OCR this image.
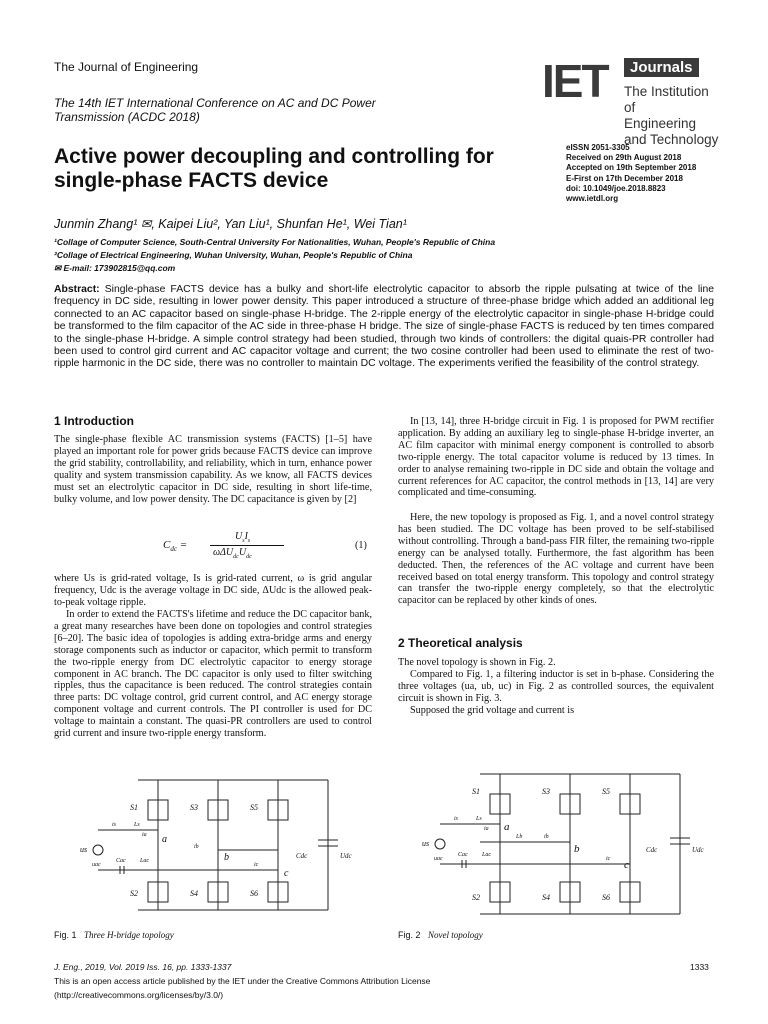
The Journal of Engineering
The 14th IET International Conference on AC and DC Power
Transmission (ACDC 2018)
IET	Journals
The Institution of
Engineering and Technology
Active power decoupling and controlling for
single-phase FACTS device
eISSN 2051-3305
Received on 29th August 2018
Accepted on 19th September 2018
E-First on 17th December 2018
doi: 10.1049/joe.2018.8823
www.ietdl.org
Junmin Zhang¹ ✉, Kaipei Liu², Yan Liu¹, Shunfan He¹, Wei Tian¹
¹Collage of Computer Science, South-Central University For Nationalities, Wuhan, People's Republic of China
²Collage of Electrical Engineering, Wuhan University, Wuhan, People's Republic of China
✉ E-mail: 173902815@qq.com
Abstract: Single-phase FACTS device has a bulky and short-life electrolytic capacitor to absorb the ripple pulsating at twice of the line frequency in DC side, resulting in lower power density. This paper introduced a structure of three-phase bridge which added an additional leg connected to an AC capacitor based on single-phase H-bridge. The 2-ripple energy of the electrolytic capacitor in single-phase H-bridge could be transformed to the film capacitor of the AC side in three-phase H bridge. The size of single-phase FACTS is reduced by ten times compared to the single-phase H-bridge. A simple control strategy had been studied, through two kinds of controllers: the digital quais-PR controller had been used to control gird current and AC capacitor voltage and current; the two cosine controller had been used to eliminate the rest of two-ripple harmonic in the DC side, there was no controller to maintain DC voltage. The experiments verified the feasibility of the control strategy.
1 Introduction
The single-phase flexible AC transmission systems (FACTS) [1–5] have played an important role for power grids because FACTS device can improve the grid stability, controllability, and reliability, which in turn, enhance power quality and system transmission capability. As we know, all FACTS devices must set an electrolytic capacitor in DC side, resulting in short life-time, bulky volume, and low power density. The DC capacitance is given by [2]
$C_{dc}$ =
$U_sI_s$
$\omega\Delta U_{dc}U_{dc}$
(1)
where Us is grid-rated voltage, Is is grid-rated current, ω is grid angular frequency, Udc is the average voltage in DC side, ΔUdc is the allowed peak-to-peak voltage ripple.
In order to extend the FACTS's lifetime and reduce the DC capacitor bank, a great many researches have been done on topologies and control strategies [6–20]. The basic idea of topologies is adding extra-bridge arms and energy storage components such as inductor or capacitor, which permit to transform the two-ripple energy from DC electrolytic capacitor to energy storage component in AC branch. The DC capacitor is only used to filter switching ripples, thus the capacitance is been reduced. The control strategies contain three parts: DC voltage control, grid current control, and AC energy storage component voltage and current controls. The PI controller is used for DC voltage to maintain a constant. The quasi-PR controllers are used to control grid current and insure two-ripple energy transform.
In [13, 14], three H-bridge circuit in Fig. 1 is proposed for PWM rectifier application. By adding an auxiliary leg to single-phase H-bridge inverter, an AC film capacitor with minimal energy component is controlled to absorb two-ripple energy. The total capacitor volume is reduced by 13 times. In order to analyse remaining two-ripple in DC side and obtain the voltage and current references for AC capacitor, the control methods in [13, 14] are very complicated and time-consuming.
Here, the new topology is proposed as Fig. 1, and a novel control strategy has been studied. The DC voltage has been proved to be self-stabilised without controlling. Through a band-pass FIR filter, the remaining two-ripple energy can be analysed totally. Furthermore, the fast algorithm has been deducted. Then, the references of the AC voltage and current have been received based on total energy transform. This topology and control strategy can transfer the two-ripple energy completely, so that the electrolytic capacitor can be replaced by other kinds of ones.
2 Theoretical analysis
The novel topology is shown in Fig. 2.
Compared to Fig. 1, a filtering inductor is set in b-phase. Considering the three voltages (ua, ub, uc) in Fig. 2 as controlled sources, the equivalent circuit is shown in Fig. 3.
Supposed the grid voltage and current is
S1	S3	S5
S2	S4	S6
a
b
c
us
uac
is	Ls
ia
ib
ic
Cac Lac
Cdc	Udc
Fig. 1 Three H-bridge topology
S1	S3	S5
S2	S4	S6
a
b
c
us
uac
is	Ls
Lb
ia
ib
ic
Cac Lac
Cdc	Udc
Fig. 2 Novel topology
J. Eng., 2019, Vol. 2019 Iss. 16, pp. 1333-1337	1333
This is an open access article published by the IET under the Creative Commons Attribution License
(http://creativecommons.org/licenses/by/3.0/)
